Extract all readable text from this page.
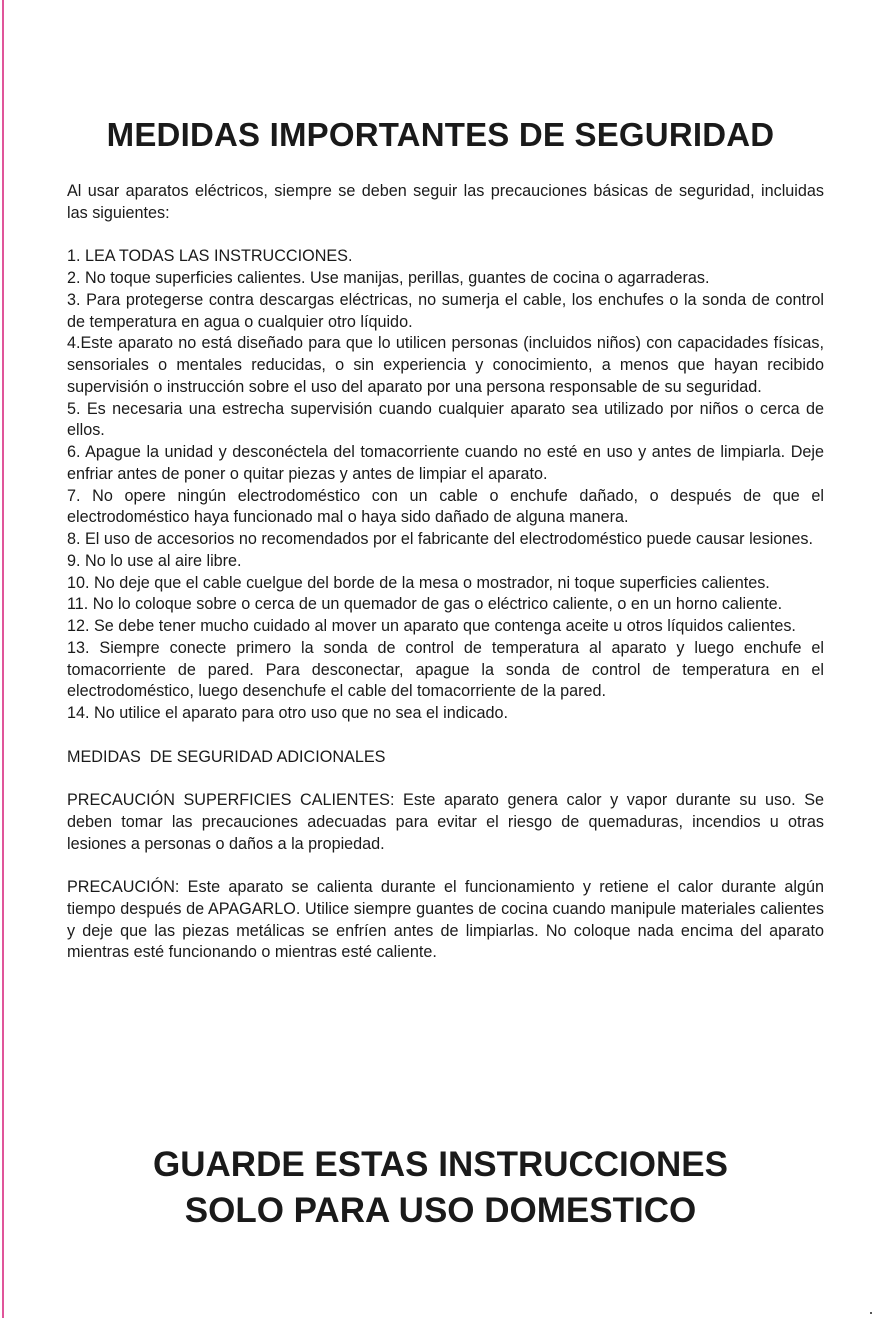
MEDIDAS IMPORTANTES DE SEGURIDAD

Al usar aparatos eléctricos, siempre se deben seguir las precauciones básicas de seguridad, incluidas las siguientes:

1. LEA TODAS LAS INSTRUCCIONES.

2. No toque superficies calientes. Use manijas, perillas, guantes de cocina o agarraderas.

3. Para protegerse contra descargas eléctricas, no sumerja el cable, los enchufes o la sonda de control de temperatura en agua o cualquier otro líquido.

4.Este aparato no está diseñado para que lo utilicen personas (incluidos niños) con capacidades físicas, sensoriales o mentales reducidas, o sin experiencia y conocimiento, a menos que hayan recibido supervisión o instrucción sobre el uso del aparato por una persona responsable de su seguridad.

5. Es necesaria una estrecha supervisión cuando cualquier aparato sea utilizado por niños o cerca de ellos.

6. Apague la unidad y desconéctela del tomacorriente cuando no esté en uso y antes de limpiarla. Deje enfriar antes de poner o quitar piezas y antes de limpiar el aparato.

7. No opere ningún electrodoméstico con un cable o enchufe dañado, o después de que el electrodoméstico haya funcionado mal o haya sido dañado de alguna manera.

8. El uso de accesorios no recomendados por el fabricante del electrodoméstico puede causar lesiones.

9. No lo use al aire libre.

10. No deje que el cable cuelgue del borde de la mesa o mostrador, ni toque superficies calientes.

11. No lo coloque sobre o cerca de un quemador de gas o eléctrico caliente, o en un horno caliente.

12. Se debe tener mucho cuidado al mover un aparato que contenga aceite u otros líquidos calientes.

13. Siempre conecte primero la sonda de control de temperatura al aparato y luego enchufe el tomacorriente de pared. Para desconectar, apague la sonda de control de temperatura en el electrodoméstico, luego desenchufe el cable del tomacorriente de la pared.

14. No utilice el aparato para otro uso que no sea el indicado.

MEDIDAS  DE SEGURIDAD ADICIONALES

PRECAUCIÓN SUPERFICIES CALIENTES: Este aparato genera calor y vapor durante su uso. Se deben tomar las precauciones adecuadas para evitar el riesgo de quemaduras, incendios u otras lesiones a personas o daños a la propiedad.

PRECAUCIÓN: Este aparato se calienta durante el funcionamiento y retiene el calor durante algún tiempo después de APAGARLO. Utilice siempre guantes de cocina cuando manipule materiales calientes y deje que las piezas metálicas se enfríen antes de limpiarlas. No coloque nada encima del aparato mientras esté funcionando o mientras esté caliente.

GUARDE ESTAS INSTRUCCIONES
SOLO PARA USO DOMESTICO
